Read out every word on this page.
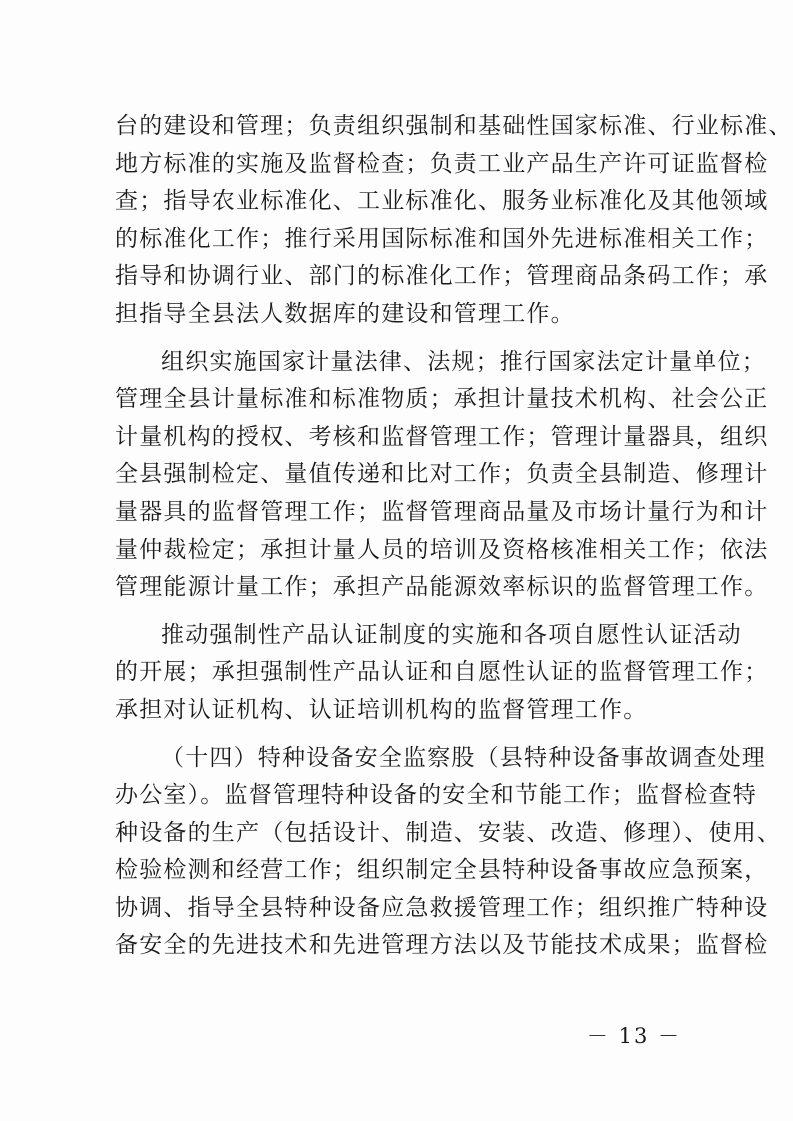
台的建设和管理；负责组织强制和基础性国家标准、行业标准、
地方标准的实施及监督检查；负责工业产品生产许可证监督检
查；指导农业标准化、工业标准化、服务业标准化及其他领域
的标准化工作；推行采用国际标准和国外先进标准相关工作；
指导和协调行业、部门的标准化工作；管理商品条码工作；承
担指导全县法人数据库的建设和管理工作。
组织实施国家计量法律、法规；推行国家法定计量单位；
管理全县计量标准和标准物质；承担计量技术机构、社会公正
计量机构的授权、考核和监督管理工作；管理计量器具，组织
全县强制检定、量值传递和比对工作；负责全县制造、修理计
量器具的监督管理工作；监督管理商品量及市场计量行为和计
量仲裁检定；承担计量人员的培训及资格核准相关工作；依法
管理能源计量工作；承担产品能源效率标识的监督管理工作。
推动强制性产品认证制度的实施和各项自愿性认证活动
的开展；承担强制性产品认证和自愿性认证的监督管理工作；
承担对认证机构、认证培训机构的监督管理工作。
（十四）特种设备安全监察股（县特种设备事故调查处理
办公室）。监督管理特种设备的安全和节能工作；监督检查特
种设备的生产（包括设计、制造、安装、改造、修理）、使用、
检验检测和经营工作；组织制定全县特种设备事故应急预案，
协调、指导全县特种设备应急救援管理工作；组织推广特种设
备安全的先进技术和先进管理方法以及节能技术成果；监督检
－ 13 －
